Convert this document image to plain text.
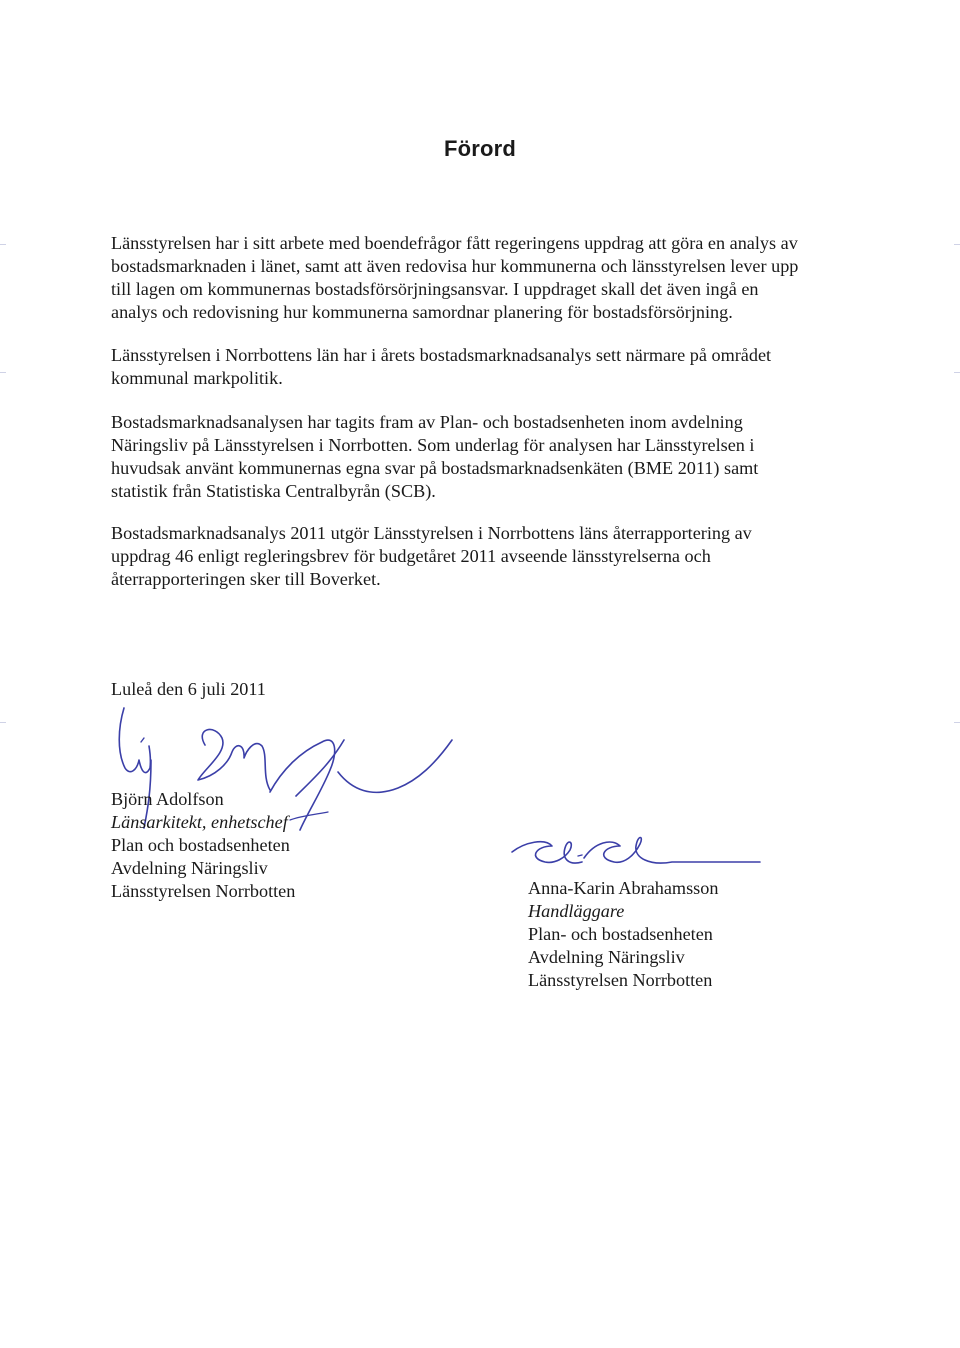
Förord
Länsstyrelsen har i sitt arbete med boendefrågor fått regeringens uppdrag att göra en analys av
bostadsmarknaden i länet, samt att även redovisa hur kommunerna och länsstyrelsen lever upp
till lagen om kommunernas bostadsförsörjningsansvar. I uppdraget skall det även ingå en
analys och redovisning hur kommunerna samordnar planering för bostadsförsörjning.
Länsstyrelsen i Norrbottens län har i årets bostadsmarknadsanalys sett närmare på området
kommunal markpolitik.
Bostadsmarknadsanalysen har tagits fram av Plan- och bostadsenheten inom avdelning
Näringsliv på Länsstyrelsen i Norrbotten. Som underlag för analysen har Länsstyrelsen i
huvudsak använt kommunernas egna svar på bostadsmarknadsenkäten (BME 2011) samt
statistik från Statistiska Centralbyrån (SCB).
Bostadsmarknadsanalys 2011 utgör Länsstyrelsen i Norrbottens läns återrapportering av
uppdrag 46 enligt regleringsbrev för budgetåret 2011 avseende länsstyrelserna och
återrapporteringen sker till Boverket.
Luleå den 6 juli 2011
Björn Adolfson
Länsarkitekt, enhetschef
Plan och bostadsenheten
Avdelning Näringsliv
Länsstyrelsen Norrbotten	Anna-Karin Abrahamsson
Handläggare
Plan- och bostadsenheten
Avdelning Näringsliv
Länsstyrelsen Norrbotten
